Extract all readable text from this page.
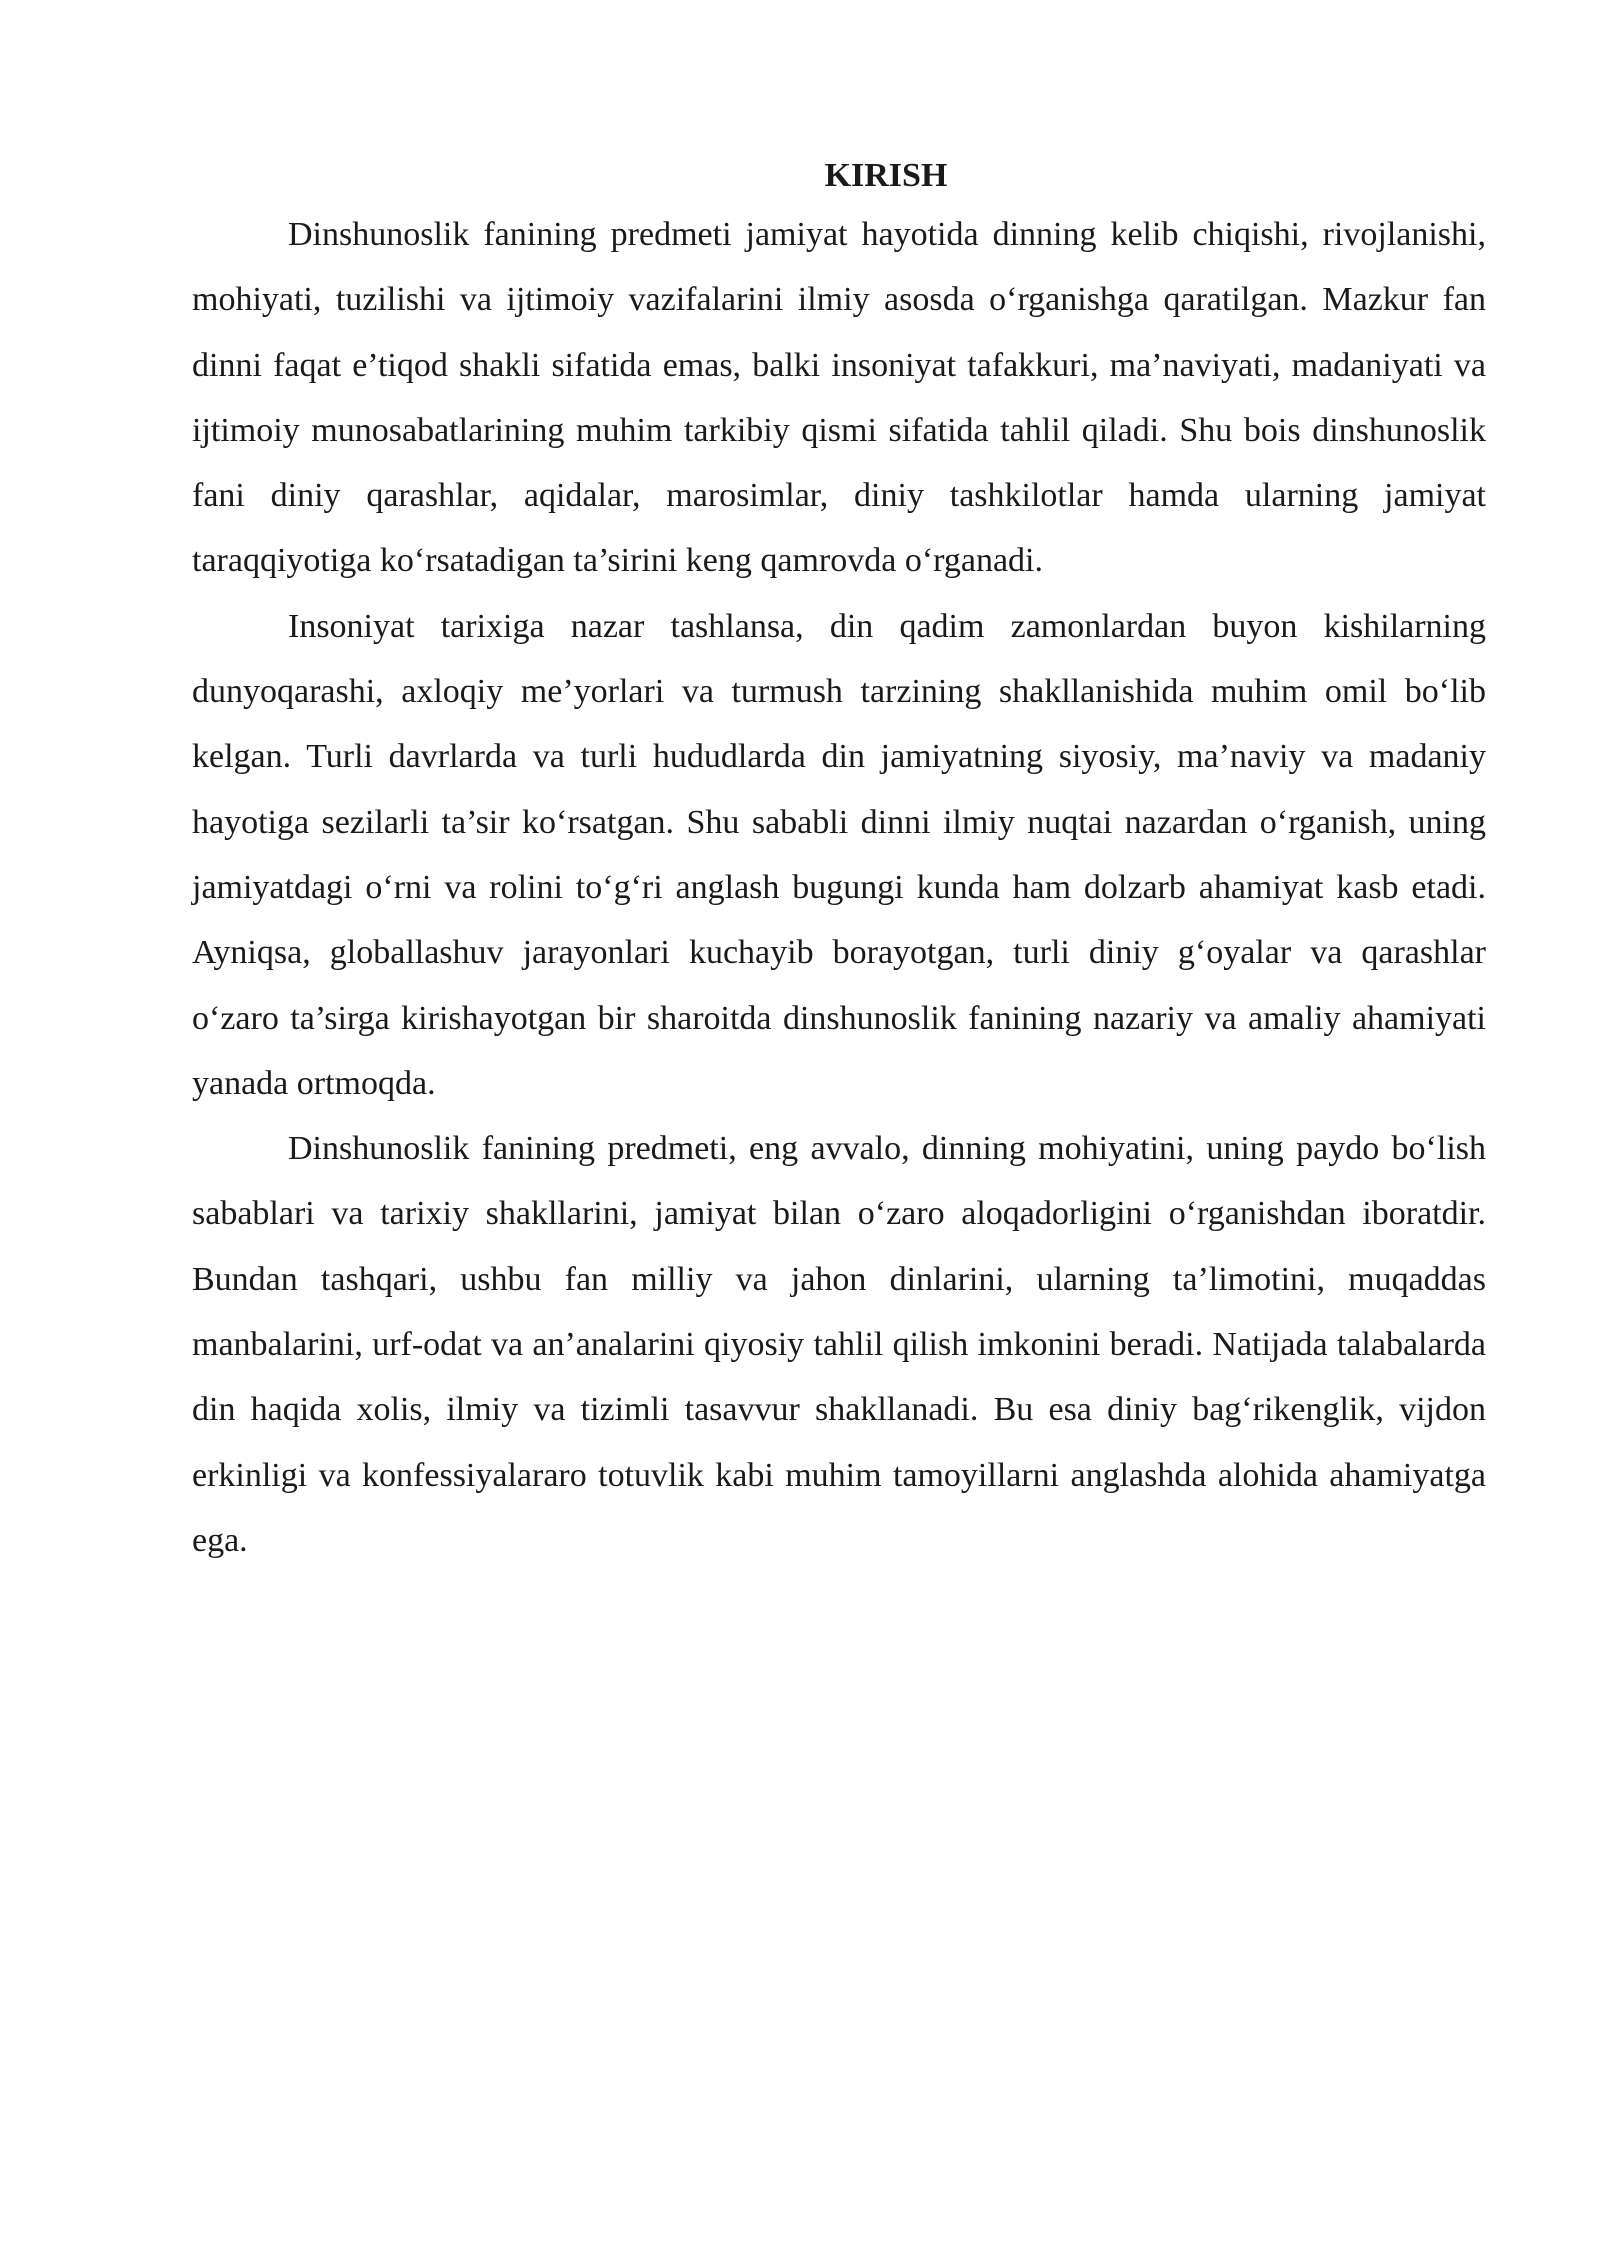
KIRISH

Dinshunoslik fanining predmeti jamiyat hayotida dinning kelib chiqishi, rivojlanishi, mohiyati, tuzilishi va ijtimoiy vazifalarini ilmiy asosda o‘rganishga qaratilgan. Mazkur fan dinni faqat e’tiqod shakli sifatida emas, balki insoniyat tafakkuri, ma’naviyati, madaniyati va ijtimoiy munosabatlarining muhim tarkibiy qismi sifatida tahlil qiladi. Shu bois dinshunoslik fani diniy qarashlar, aqidalar, marosimlar, diniy tashkilotlar hamda ularning jamiyat taraqqiyotiga ko‘rsatadigan ta’sirini keng qamrovda o‘rganadi.

Insoniyat tarixiga nazar tashlansa, din qadim zamonlardan buyon kishilarning dunyoqarashi, axloqiy me’yorlari va turmush tarzining shakllanishida muhim omil bo‘lib kelgan. Turli davrlarda va turli hududlarda din jamiyatning siyosiy, ma’naviy va madaniy hayotiga sezilarli ta’sir ko‘rsatgan. Shu sababli dinni ilmiy nuqtai nazardan o‘rganish, uning jamiyatdagi o‘rni va rolini to‘g‘ri anglash bugungi kunda ham dolzarb ahamiyat kasb etadi. Ayniqsa, globallashuv jarayonlari kuchayib borayotgan, turli diniy g‘oyalar va qarashlar o‘zaro ta’sirga kirishayotgan bir sharoitda dinshunoslik fanining nazariy va amaliy ahamiyati yanada ortmoqda.

Dinshunoslik fanining predmeti, eng avvalo, dinning mohiyatini, uning paydo bo‘lish sabablari va tarixiy shakllarini, jamiyat bilan o‘zaro aloqadorligini o‘rganishdan iboratdir. Bundan tashqari, ushbu fan milliy va jahon dinlarini, ularning ta’limotini, muqaddas manbalarini, urf-odat va an’analarini qiyosiy tahlil qilish imkonini beradi. Natijada talabalarda din haqida xolis, ilmiy va tizimli tasavvur shakllanadi. Bu esa diniy bag‘rikenglik, vijdon erkinligi va konfessiyalararo totuvlik kabi muhim tamoyillarni anglashda alohida ahamiyatga ega.
